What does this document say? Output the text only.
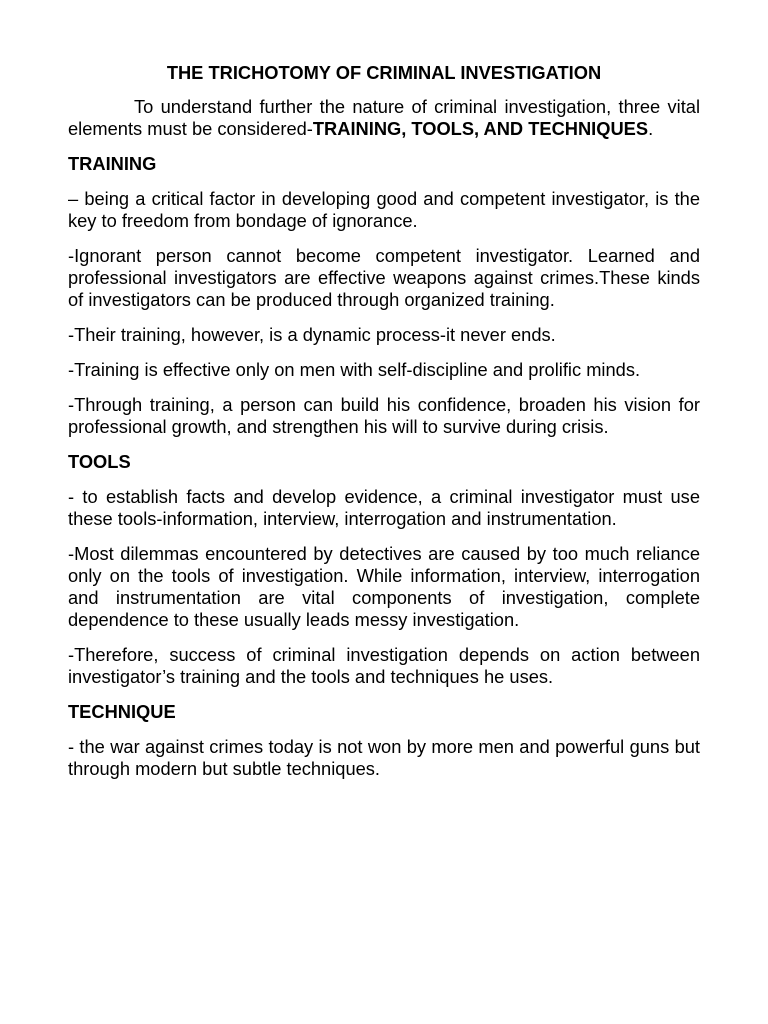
THE TRICHOTOMY OF CRIMINAL INVESTIGATION

To understand further the nature of criminal investigation, three vital elements must be considered-TRAINING, TOOLS, AND TECHNIQUES.

TRAINING

– being a critical factor in developing good and competent investigator, is the key to freedom from bondage of ignorance.

-Ignorant person cannot become competent investigator. Learned and professional investigators are effective weapons against crimes.These kinds of investigators can be produced through organized training.

-Their training, however, is a dynamic process-it never ends.

-Training is effective only on men with self-discipline and prolific minds.

-Through training, a person can build his confidence, broaden his vision for professional growth, and strengthen his will to survive during crisis.

TOOLS

- to establish facts and develop evidence, a criminal investigator must use these tools-information, interview, interrogation and instrumentation.

-Most dilemmas encountered by detectives are caused by too much reliance only on the tools of investigation. While information, interview, interrogation and instrumentation are vital components of investigation, complete dependence to these usually leads messy investigation.

-Therefore, success of criminal investigation depends on action between investigator’s training and the tools and techniques he uses.

TECHNIQUE

- the war against crimes today is not won by more men and powerful guns but through modern but subtle techniques.
